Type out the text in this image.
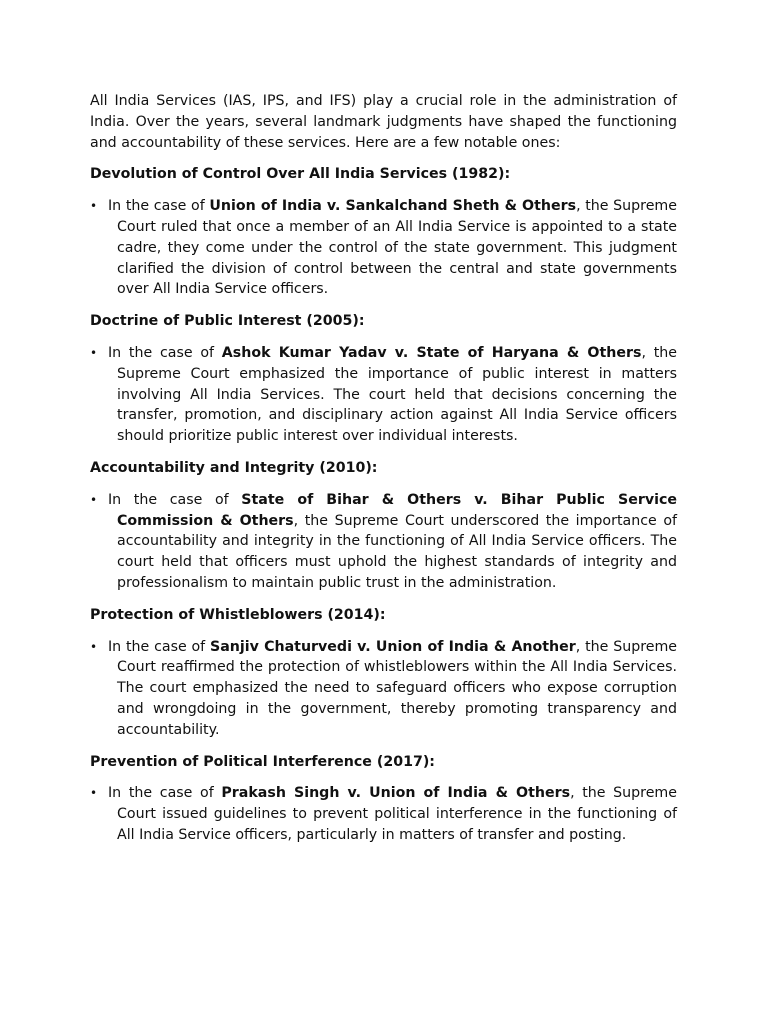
All India Services (IAS, IPS, and IFS) play a crucial role in the administration of India. Over the years, several landmark judgments have shaped the functioning and accountability of these services. Here are a few notable ones:

Devolution of Control Over All India Services (1982):
• In the case of Union of India v. Sankalchand Sheth & Others, the Supreme Court ruled that once a member of an All India Service is appointed to a state cadre, they come under the control of the state government. This judgment clarified the division of control between the central and state governments over All India Service officers.
Doctrine of Public Interest (2005):
• In the case of Ashok Kumar Yadav v. State of Haryana & Others, the Supreme Court emphasized the importance of public interest in matters involving All India Services. The court held that decisions concerning the transfer, promotion, and disciplinary action against All India Service officers should prioritize public interest over individual interests.
Accountability and Integrity (2010):
• In the case of State of Bihar & Others v. Bihar Public Service Commission & Others, the Supreme Court underscored the importance of accountability and integrity in the functioning of All India Service officers. The court held that officers must uphold the highest standards of integrity and professionalism to maintain public trust in the administration.
Protection of Whistleblowers (2014):
• In the case of Sanjiv Chaturvedi v. Union of India & Another, the Supreme Court reaffirmed the protection of whistleblowers within the All India Services. The court emphasized the need to safeguard officers who expose corruption and wrongdoing in the government, thereby promoting transparency and accountability.
Prevention of Political Interference (2017):
• In the case of Prakash Singh v. Union of India & Others, the Supreme Court issued guidelines to prevent political interference in the functioning of All India Service officers, particularly in matters of transfer and posting.
